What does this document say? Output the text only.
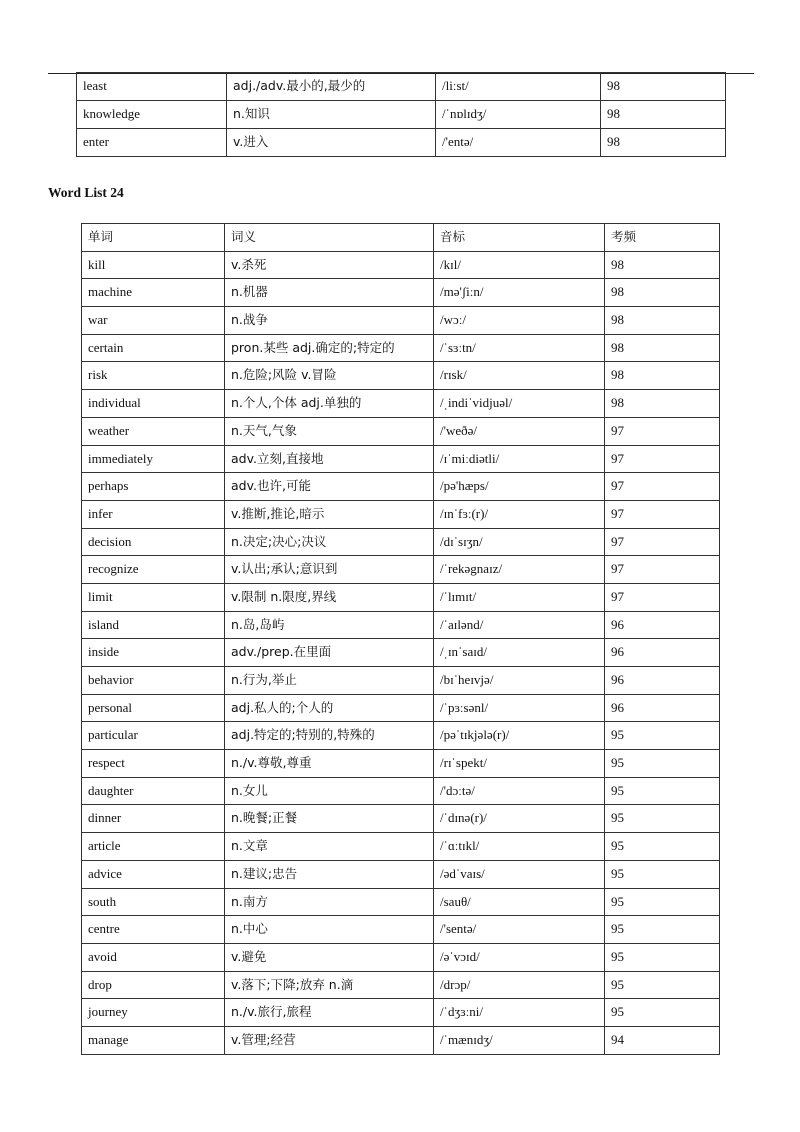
least	adj./adv.最小的,最少的	/liːst/	98
knowledge	n.知识	/ˈnɒlɪdʒ/	98
enter	v.进入	/'entə/	98
Word List 24
单词	词义	音标	考频
kill	v.杀死	/kɪl/	98
machine	n.机器	/mə'ʃiːn/	98
war	n.战争	/wɔː/	98
certain	pron.某些 adj.确定的;特定的	/ˈsɜːtn/	98
risk	n.危险;风险 v.冒险	/rɪsk/	98
individual	n.个人,个体 adj.单独的	/ˌindiˈvidjuəl/	98
weather	n.天气,气象	/'weðə/	97
immediately	adv.立刻,直接地	/ɪˈmiːdiətli/	97
perhaps	adv.也许,可能	/pə'hæps/	97
infer	v.推断,推论,暗示	/ɪnˈfɜː(r)/	97
decision	n.决定;决心;决议	/dɪˈsɪʒn/	97
recognize	v.认出;承认;意识到	/ˈrekəgnaɪz/	97
limit	v.限制 n.限度,界线	/ˈlɪmɪt/	97
island	n.岛,岛屿	/ˈaɪlənd/	96
inside	adv./prep.在里面	/ˌɪnˈsaɪd/	96
behavior	n.行为,举止	/bɪˈheɪvjə/	96
personal	adj.私人的;个人的	/ˈpɜːsənl/	96
particular	adj.特定的;特别的,特殊的	/pəˈtɪkjələ(r)/	95
respect	n./v.尊敬,尊重	/rɪˈspekt/	95
daughter	n.女儿	/'dɔːtə/	95
dinner	n.晚餐;正餐	/ˈdɪnə(r)/	95
article	n.文章	/ˈɑːtɪkl/	95
advice	n.建议;忠告	/ədˈvaɪs/	95
south	n.南方	/sauθ/	95
centre	n.中心	/'sentə/	95
avoid	v.避免	/əˈvɔɪd/	95
drop	v.落下;下降;放弃 n.滴	/drɔp/	95
journey	n./v.旅行,旅程	/ˈdʒɜːni/	95
manage	v.管理;经营	/ˈmænɪdʒ/	94
